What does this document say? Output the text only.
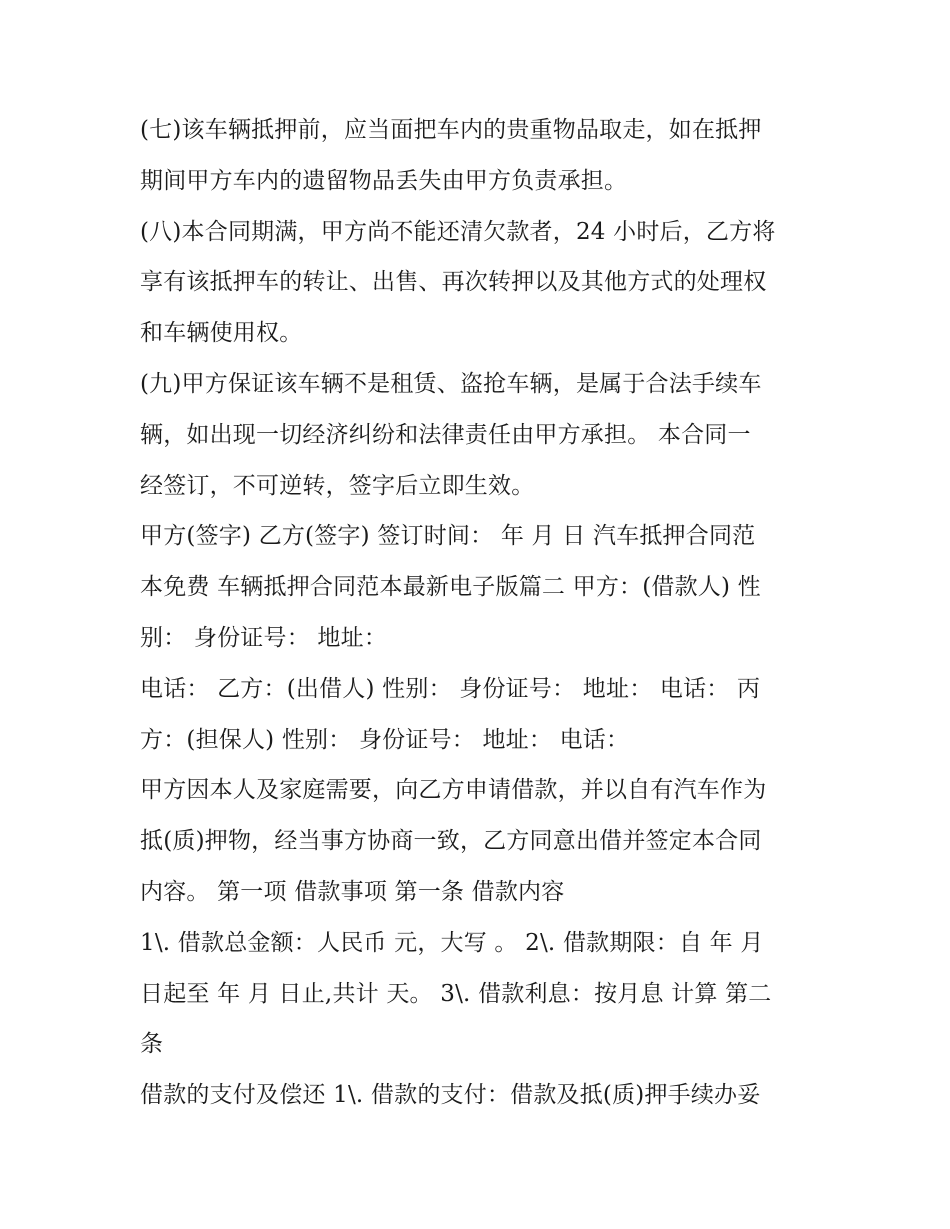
(七)该车辆抵押前，应当面把车内的贵重物品取走，如在抵押
期间甲方车内的遗留物品丢失由甲方负责承担。
(八)本合同期满，甲方尚不能还清欠款者，24 小时后，乙方将
享有该抵押车的转让、出售、再次转押以及其他方式的处理权
和车辆使用权。
(九)甲方保证该车辆不是租赁、盗抢车辆，是属于合法手续车
辆，如出现一切经济纠纷和法律责任由甲方承担。 本合同一
经签订，不可逆转，签字后立即生效。
甲方(签字) 乙方(签字) 签订时间： 年 月 日 汽车抵押合同范
本免费 车辆抵押合同范本最新电子版篇二 甲方：(借款人) 性
别： 身份证号： 地址：
电话： 乙方：(出借人) 性别： 身份证号： 地址： 电话： 丙
方：(担保人) 性别： 身份证号： 地址： 电话：
甲方因本人及家庭需要，向乙方申请借款，并以自有汽车作为
抵(质)押物，经当事方协商一致，乙方同意出借并签定本合同
内容。 第一项 借款事项 第一条 借款内容
1\. 借款总金额：人民币 元，大写 。 2\. 借款期限：自 年 月
日起至 年 月 日止,共计 天。 3\. 借款利息：按月息 计算 第二
条
借款的支付及偿还 1\. 借款的支付：借款及抵(质)押手续办妥
